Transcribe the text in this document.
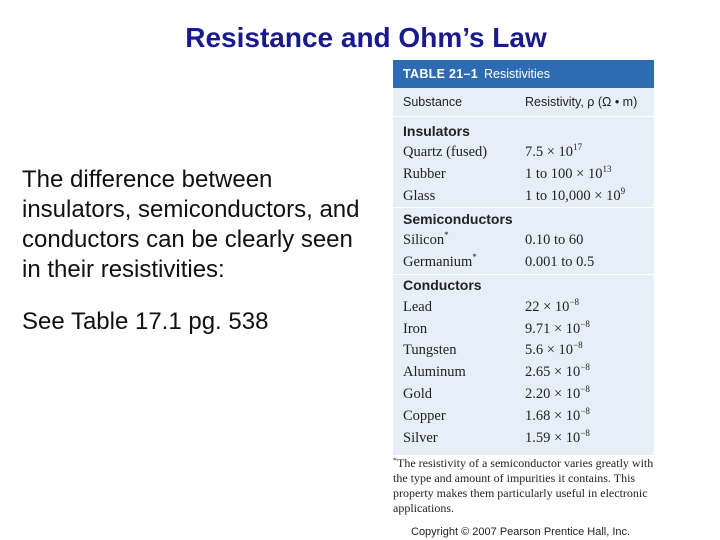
Resistance and Ohm’s Law

The difference between insulators, semiconductors, and conductors can be clearly seen in their resistivities:

See Table 17.1 pg. 538

TABLE 21–1 Resistivities
Substance	Resistivity, ρ (Ω • m)
Insulators
Quartz (fused)	$7.5 \times 10^{17}$
Rubber	1 to $100 \times 10^{13}$
Glass	1 to $10,000 \times 10^9$
Semiconductors
Silicon*	0.10 to 60
Germanium*	0.001 to 0.5
Conductors
Lead	$22 \times 10^{-8}$
Iron	$9.71 \times 10^{-8}$
Tungsten	$5.6 \times 10^{-8}$
Aluminum	$2.65 \times 10^{-8}$
Gold	$2.20 \times 10^{-8}$
Copper	$1.68 \times 10^{-8}$
Silver	$1.59 \times 10^{-8}$
*The resistivity of a semiconductor varies greatly with the type and amount of impurities it contains. This property makes them particularly useful in electronic applications.
Copyright © 2007 Pearson Prentice Hall, Inc.
